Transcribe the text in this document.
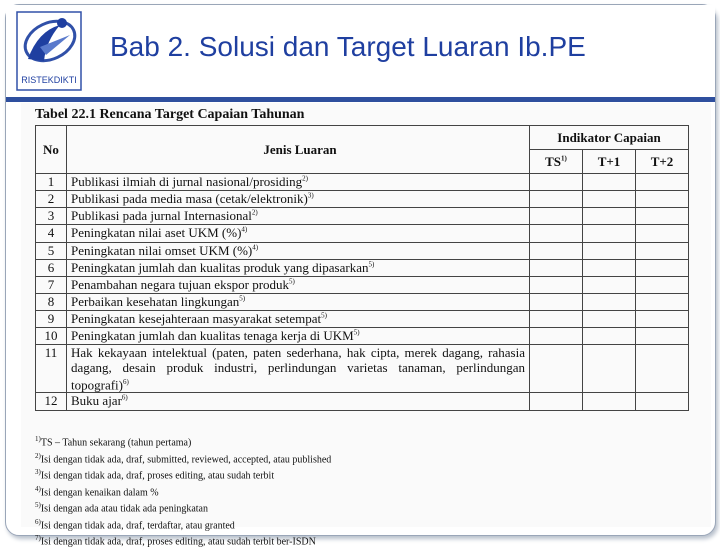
RISTEKDIKTI
Bab 2. Solusi dan Target Luaran Ib.PE
Tabel 22.1 Rencana Target Capaian Tahunan
No	Jenis Luaran	Indikator Capaian		
		TS$^{1)}$	T+1	T+2
1	Publikasi ilmiah di jurnal nasional/prosiding$^{2)}$			
2	Publikasi pada media masa (cetak/elektronik)$^{3)}$			
3	Publikasi pada jurnal Internasional$^{2)}$			
4	Peningkatan nilai aset UKM (%)$^{4)}$			
5	Peningkatan nilai omset UKM (%)$^{4)}$			
6	Peningkatan jumlah dan kualitas produk yang dipasarkan$^{5)}$			
7	Penambahan negara tujuan ekspor produk$^{5)}$			
8	Perbaikan kesehatan lingkungan$^{5)}$			
9	Peningkatan kesejahteraan masyarakat setempat$^{5)}$			
10	Peningkatan jumlah dan kualitas tenaga kerja di UKM$^{5)}$			
11	Hak kekayaan intelektual (paten, paten sederhana, hak cipta, merek dagang, rahasia dagang, desain produk industri, perlindungan varietas tanaman, perlindungan topografi)$^{6)}$			
12	Buku ajar$^{6)}$			
$^{1)}$TS – Tahun sekarang (tahun pertama)
$^{2)}$Isi dengan tidak ada, draf, submitted, reviewed, accepted, atau published
$^{3)}$Isi dengan tidak ada, draf, proses editing, atau sudah terbit
$^{4)}$Isi dengan kenaikan dalam %
$^{5)}$Isi dengan ada atau tidak ada peningkatan
$^{6)}$Isi dengan tidak ada, draf, terdaftar, atau granted
$^{7)}$Isi dengan tidak ada, draf, proses editing, atau sudah terbit ber-ISDN
